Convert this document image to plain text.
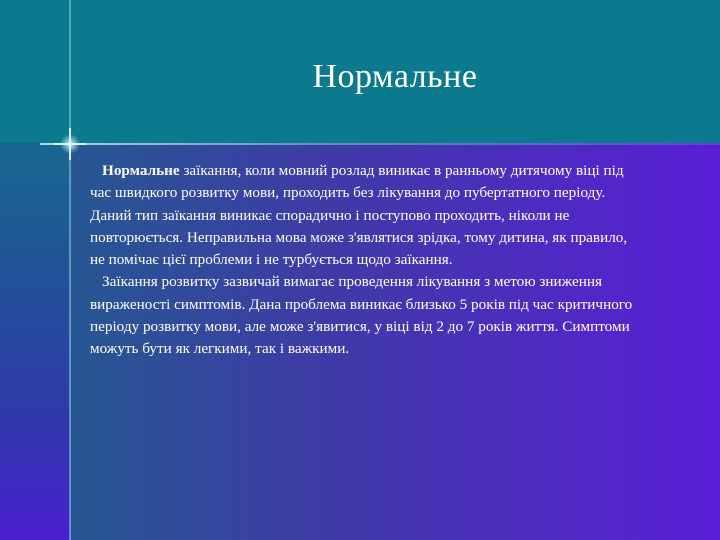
Нормальне

Нормальне заїкання, коли мовний розлад виникає в ранньому дитячому віці під час швидкого розвитку мови, проходить без лікування до пубертатного періоду. Даний тип заїкання виникає спорадично і поступово проходить, ніколи не повторюється. Неправильна мова може з'являтися зрідка, тому дитина, як правило, не помічає цієї проблеми і не турбується щодо заїкання.

Заїкання розвитку зазвичай вимагає проведення лікування з метою зниження вираженості симптомів. Дана проблема виникає близько 5 років під час критичного періоду розвитку мови, але може з'явитися, у віці від 2 до 7 років життя. Симптоми можуть бути як легкими, так і важкими.
